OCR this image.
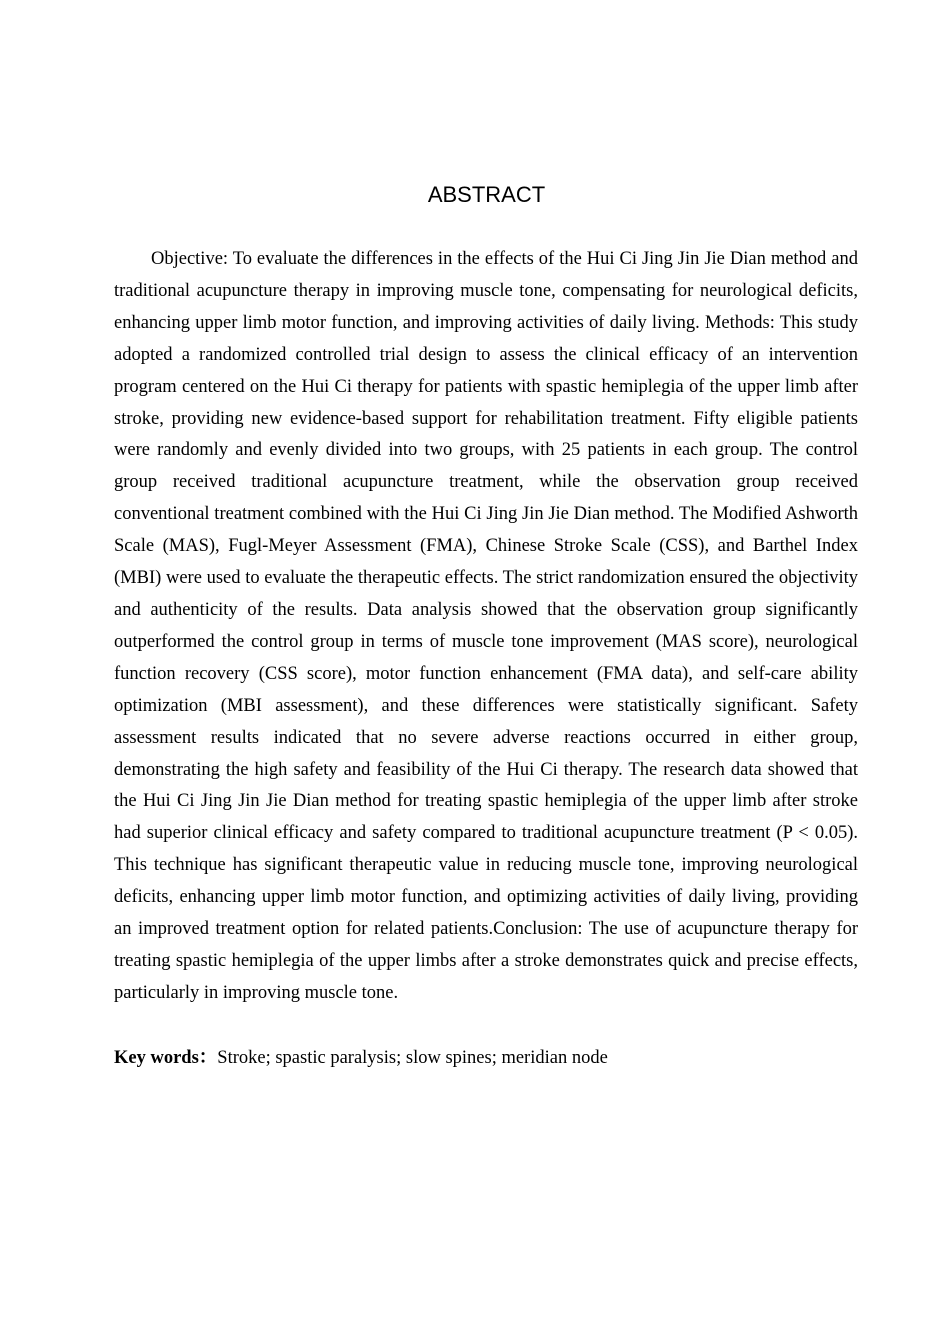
ABSTRACT

Objective: To evaluate the differences in the effects of the Hui Ci Jing Jin Jie Dian method and traditional acupuncture therapy in improving muscle tone, compensating for neurological deficits, enhancing upper limb motor function, and improving activities of daily living. Methods: This study adopted a randomized controlled trial design to assess the clinical efficacy of an intervention program centered on the Hui Ci therapy for patients with spastic hemiplegia of the upper limb after stroke, providing new evidence-based support for rehabilitation treatment. Fifty eligible patients were randomly and evenly divided into two groups, with 25 patients in each group. The control group received traditional acupuncture treatment, while the observation group received conventional treatment combined with the Hui Ci Jing Jin Jie Dian method. The Modified Ashworth Scale (MAS), Fugl-Meyer Assessment (FMA), Chinese Stroke Scale (CSS), and Barthel Index (MBI) were used to evaluate the therapeutic effects. The strict randomization ensured the objectivity and authenticity of the results. Data analysis showed that the observation group significantly outperformed the control group in terms of muscle tone improvement (MAS score), neurological function recovery (CSS score), motor function enhancement (FMA data), and self-care ability optimization (MBI assessment), and these differences were statistically significant. Safety assessment results indicated that no severe adverse reactions occurred in either group, demonstrating the high safety and feasibility of the Hui Ci therapy. The research data showed that the Hui Ci Jing Jin Jie Dian method for treating spastic hemiplegia of the upper limb after stroke had superior clinical efficacy and safety compared to traditional acupuncture treatment (P < 0.05). This technique has significant therapeutic value in reducing muscle tone, improving neurological deficits, enhancing upper limb motor function, and optimizing activities of daily living, providing an improved treatment option for related patients.Conclusion: The use of acupuncture therapy for treating spastic hemiplegia of the upper limbs after a stroke demonstrates quick and precise effects, particularly in improving muscle tone.

Key words：Stroke; spastic paralysis; slow spines; meridian node
